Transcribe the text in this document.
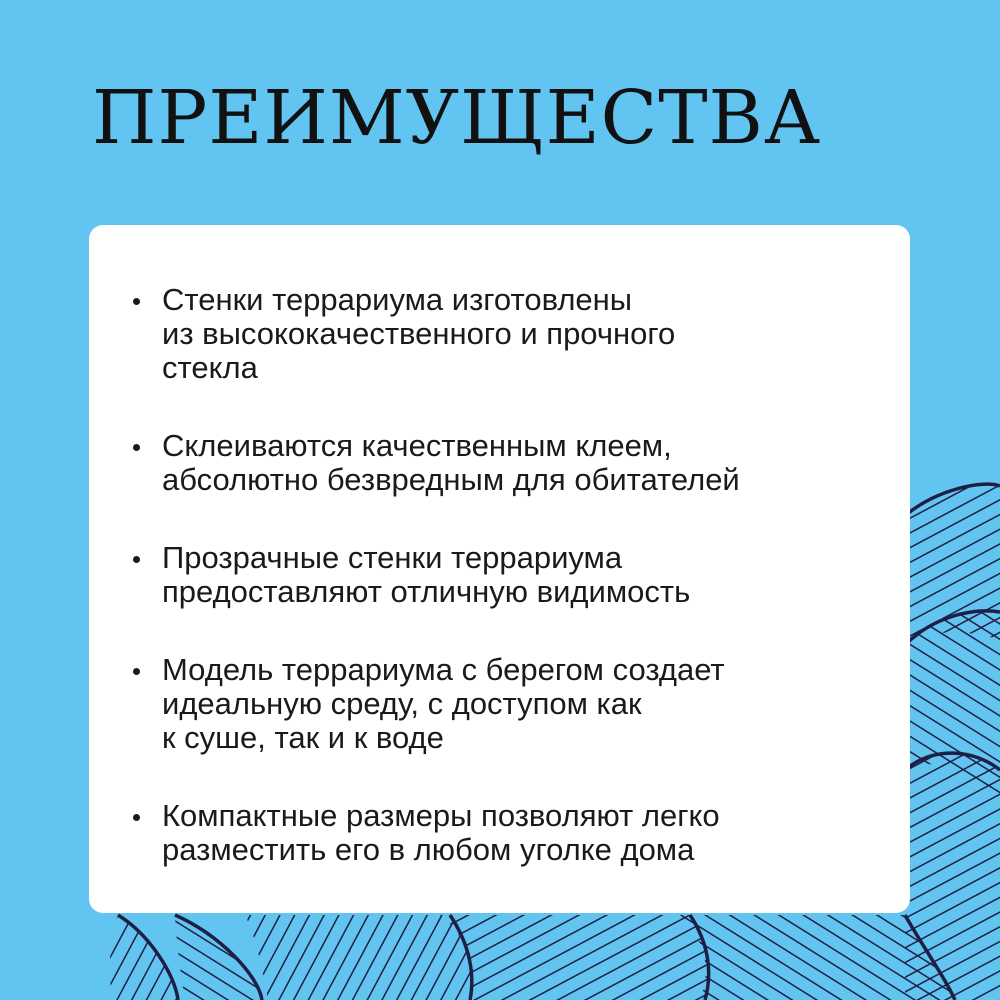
ПРЕИМУЩЕСТВА
Стенки террариума изготовлены
из высококачественного и прочного
стекла
Склеиваются качественным клеем,
абсолютно безвредным для обитателей
Прозрачные стенки террариума
предоставляют отличную видимость
Модель террариума с берегом создает
идеальную среду, с доступом как
к суше, так и к воде
Компактные размеры позволяют легко
разместить его в любом уголке дома
